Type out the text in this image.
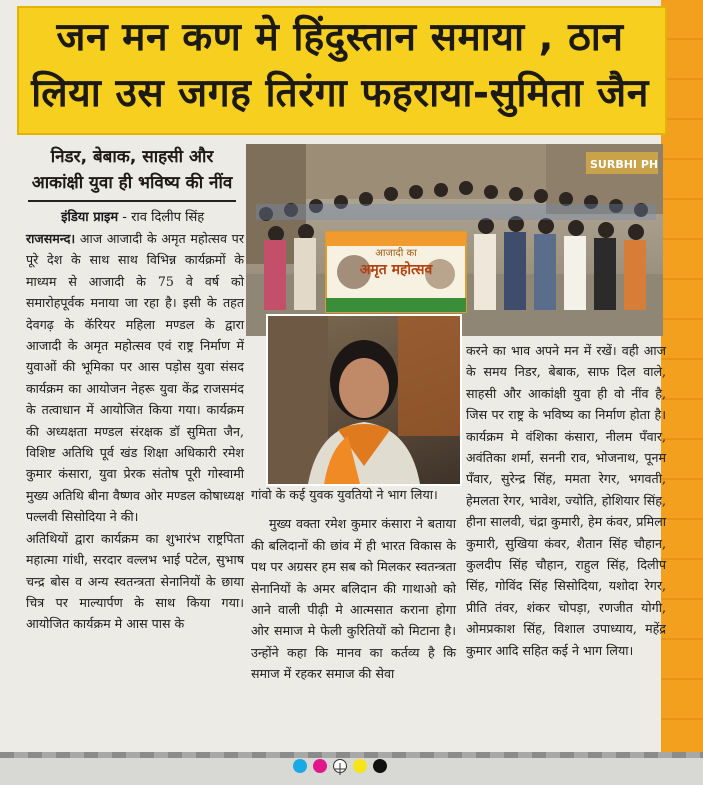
जन मन कण मे हिंदुस्तान समाया , ठान
लिया उस जगह तिरंगा फहराया-सुमिता जैन
निडर, बेबाक, साहसी और
आकांक्षी युवा ही भविष्य की नींव
इंडिया प्राइम - राव दिलीप सिंह
SURBHI PH
आजादी का
अमृत महोत्सव

राजसमन्द। आज आजादी के अमृत महोत्सव पर पूरे देश के साथ साथ विभिन्न कार्यक्रमों के माध्यम से आजादी के 75 वे वर्ष को समारोहपूर्वक मनाया जा रहा है। इसी के तहत देवगढ़ के कॅरियर महिला मण्डल के द्वारा आजादी के अमृत महोत्सव एवं राष्ट्र निर्माण में युवाओं की भूमिका पर आस पड़ोस युवा संसद कार्यक्रम का आयोजन नेहरू युवा केंद्र राजसमंद के तत्वाधान में आयोजित किया गया। कार्यक्रम की अध्यक्षता मण्डल संरक्षक डॉ सुमिता जैन, विशिष्ट अतिथि पूर्व खंड शिक्षा अधिकारी रमेश कुमार कंसारा, युवा प्रेरक संतोष पूरी गोस्वामी मुख्य अतिथि बीना वैष्णव ओर मण्डल कोषाध्यक्ष पल्लवी सिसोदिया ने की।

अतिथियों द्वारा कार्यक्रम का शुभारंभ राष्ट्रपिता महात्मा गांधी, सरदार वल्लभ भाई पटेल, सुभाष चन्द्र बोस व अन्य स्वतन्त्रता सेनानियों के छाया चित्र पर माल्यार्पण के साथ किया गया। आयोजित कार्यक्रम मे आस पास के

गांवो के कई युवक युवतियो ने भाग लिया।

मुख्य वक्ता रमेश कुमार कंसारा ने बताया की बलिदानों की छांव में ही भारत विकास के पथ पर अग्रसर हम सब को मिलकर स्वतन्त्रता सेनानियों के अमर बलिदान की गाथाओ को आने वाली पीढ़ी मे आत्मसात कराना होगा ओर समाज मे फेली कुरितियों को मिटाना है। उन्होंने कहा कि मानव का कर्तव्य है कि समाज में रहकर समाज की सेवा

करने का भाव अपने मन में रखें। वही आज के समय निडर, बेबाक, साफ दिल वाले, साहसी और आकांक्षी युवा ही वो नींव है, जिस पर राष्ट्र के भविष्य का निर्माण होता है। कार्यक्रम मे वंशिका कंसारा, नीलम पँवार, अवंतिका शर्मा, सननी राव, भोजनाथ, पूनम पँवार, सुरेन्द्र सिंह, ममता रेगर, भगवती, हेमलता रेगर, भावेश, ज्योति, होशियार सिंह, हीना सालवी, चंद्रा कुमारी, हेम कंवर, प्रमिला कुमारी, सुखिया कंवर, शैतान सिंह चौहान, कुलदीप सिंह चौहान, राहुल सिंह, दिलीप सिंह, गोविंद सिंह सिसोदिया, यशोदा रेगर, प्रीति तंवर, शंकर चोपड़ा, रणजीत योगी, ओमप्रकाश सिंह, विशाल उपाध्याय, महेंद्र कुमार आदि सहित कई ने भाग लिया।
